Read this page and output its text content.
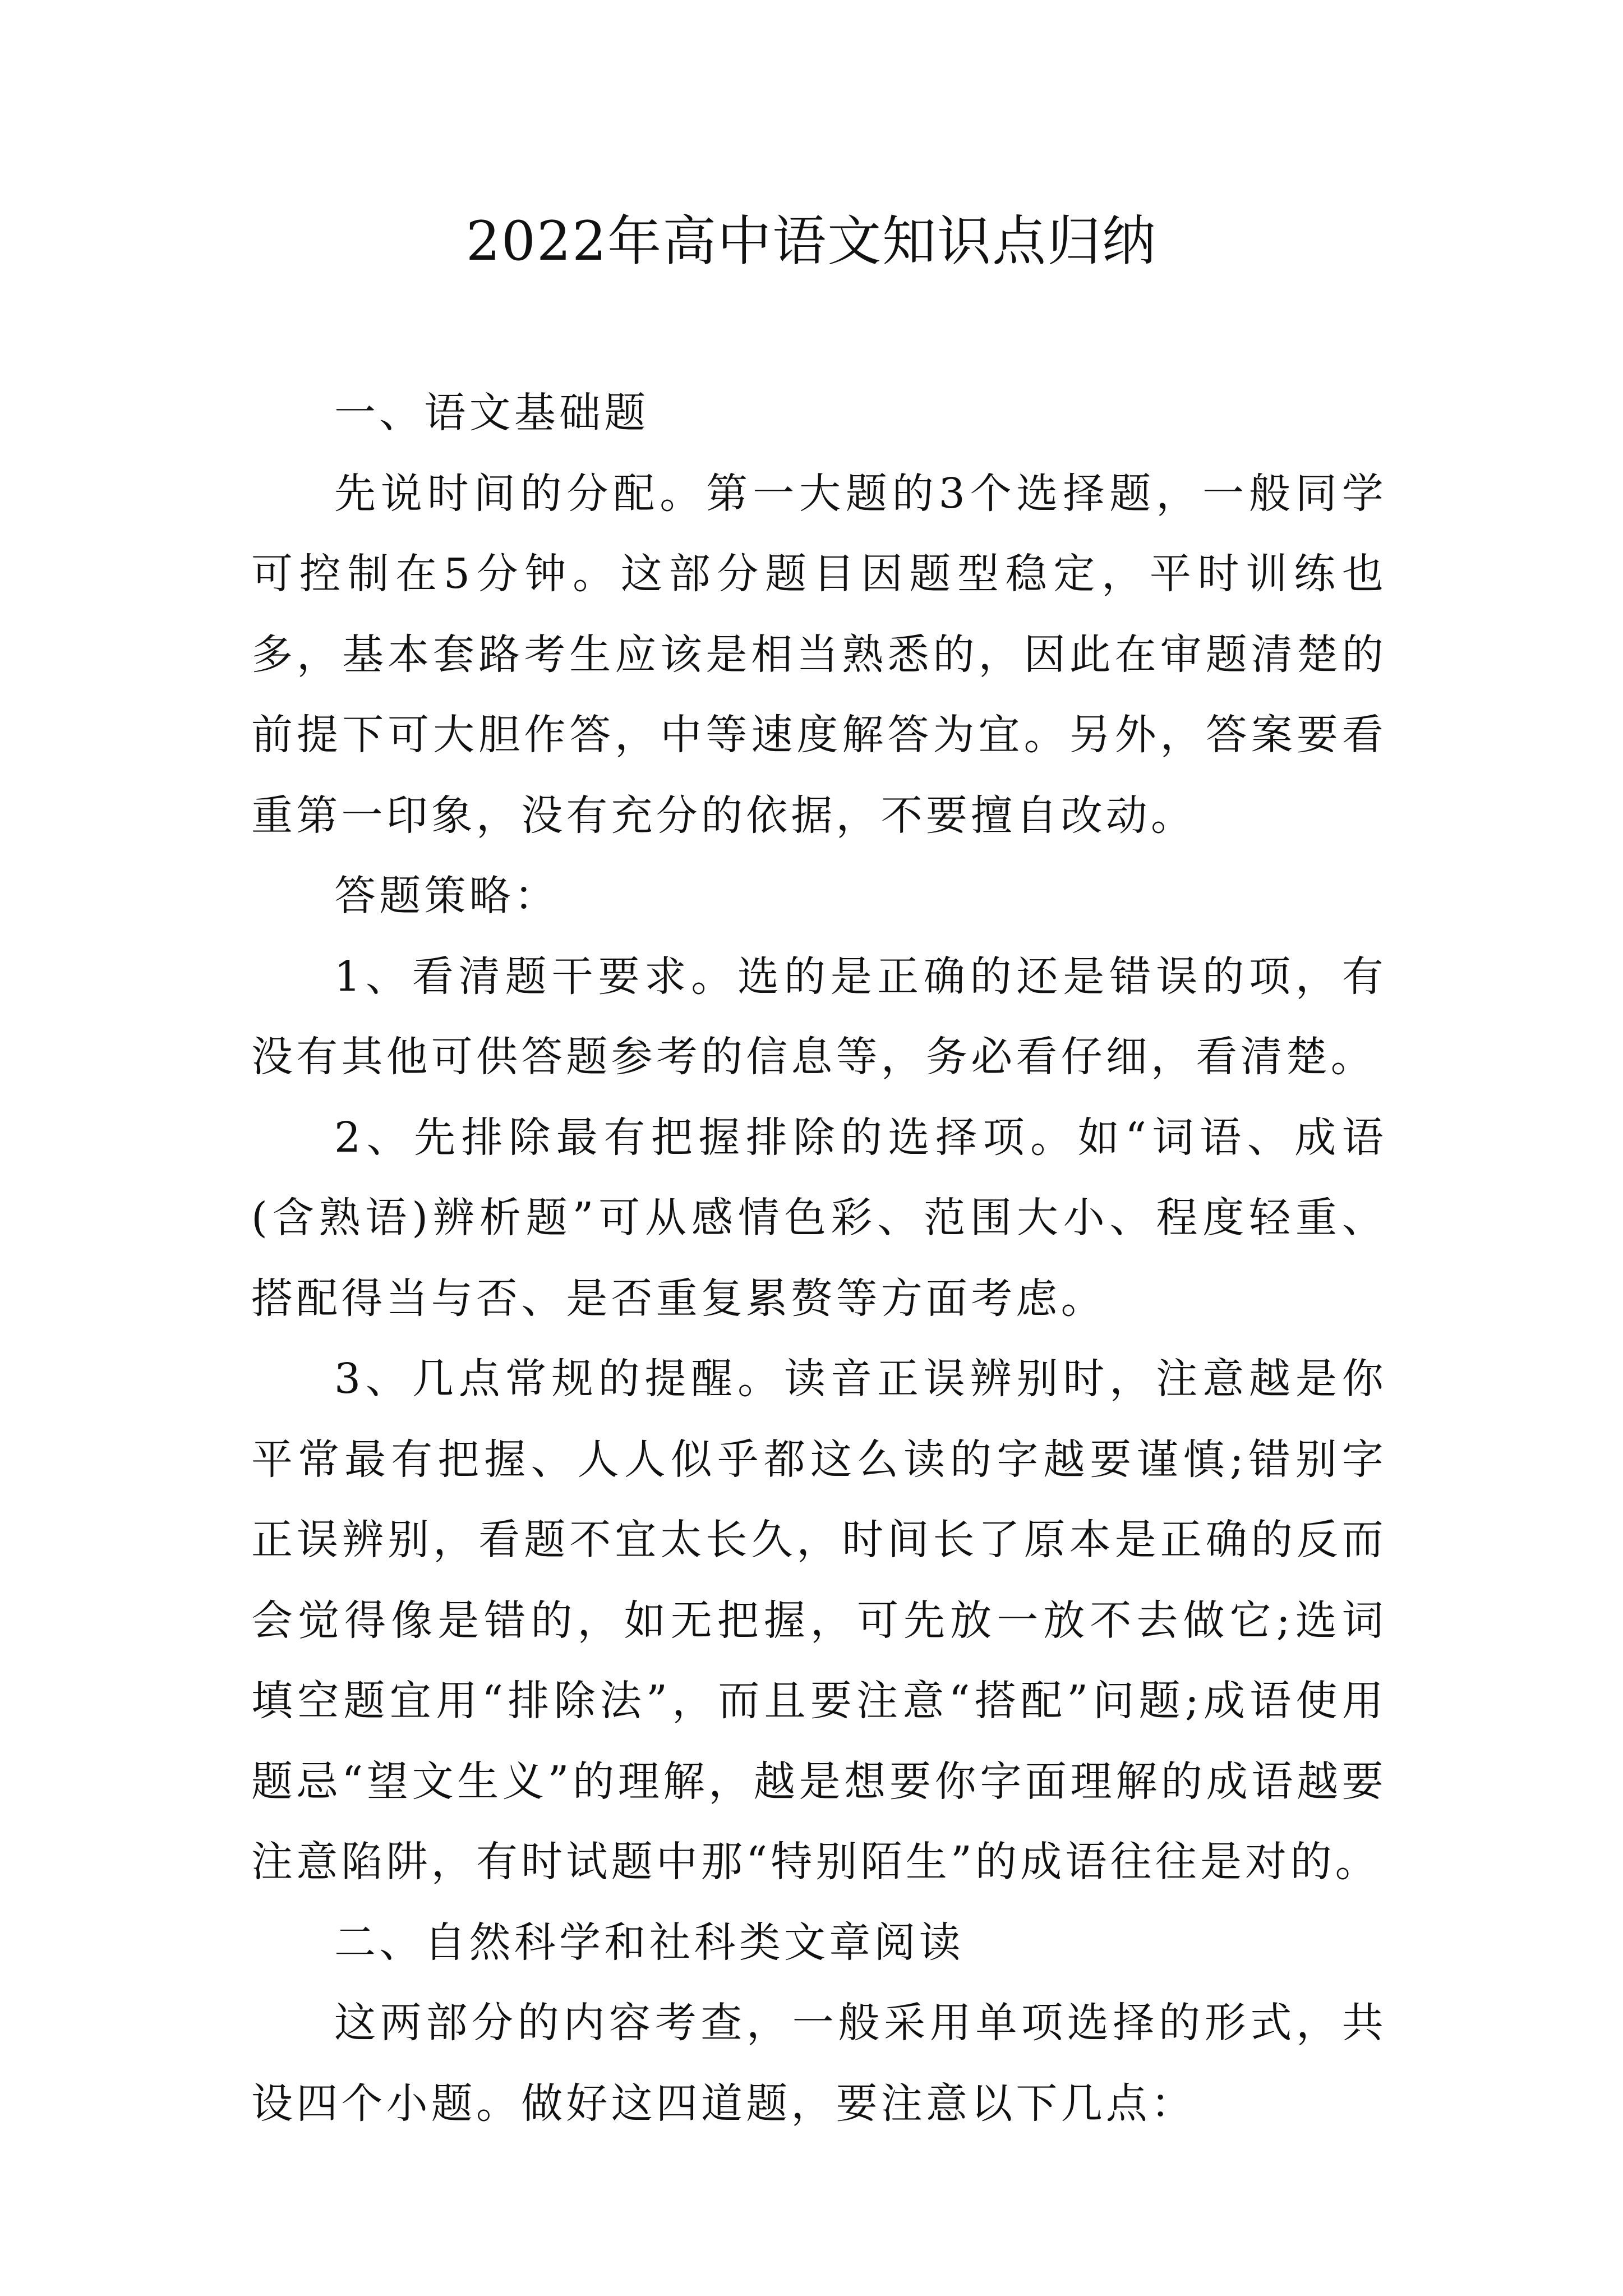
2022年高中语文知识点归纳

一、语文基础题

先说时间的分配。第一大题的3个选择题，一般同学可控制在5分钟。这部分题目因题型稳定，平时训练也多，基本套路考生应该是相当熟悉的，因此在审题清楚的前提下可大胆作答，中等速度解答为宜。另外，答案要看重第一印象，没有充分的依据，不要擅自改动。

答题策略：

1、看清题干要求。选的是正确的还是错误的项，有没有其他可供答题参考的信息等，务必看仔细，看清楚。

2、先排除最有把握排除的选择项。如“词语、成语(含熟语)辨析题”可从感情色彩、范围大小、程度轻重、搭配得当与否、是否重复累赘等方面考虑。

3、几点常规的提醒。读音正误辨别时，注意越是你平常最有把握、人人似乎都这么读的字越要谨慎;错别字正误辨别，看题不宜太长久，时间长了原本是正确的反而会觉得像是错的，如无把握，可先放一放不去做它;选词填空题宜用“排除法”，而且要注意“搭配”问题;成语使用题忌“望文生义”的理解，越是想要你字面理解的成语越要注意陷阱，有时试题中那“特别陌生”的成语往往是对的。

二、自然科学和社科类文章阅读

这两部分的内容考查，一般采用单项选择的形式，共设四个小题。做好这四道题，要注意以下几点：
